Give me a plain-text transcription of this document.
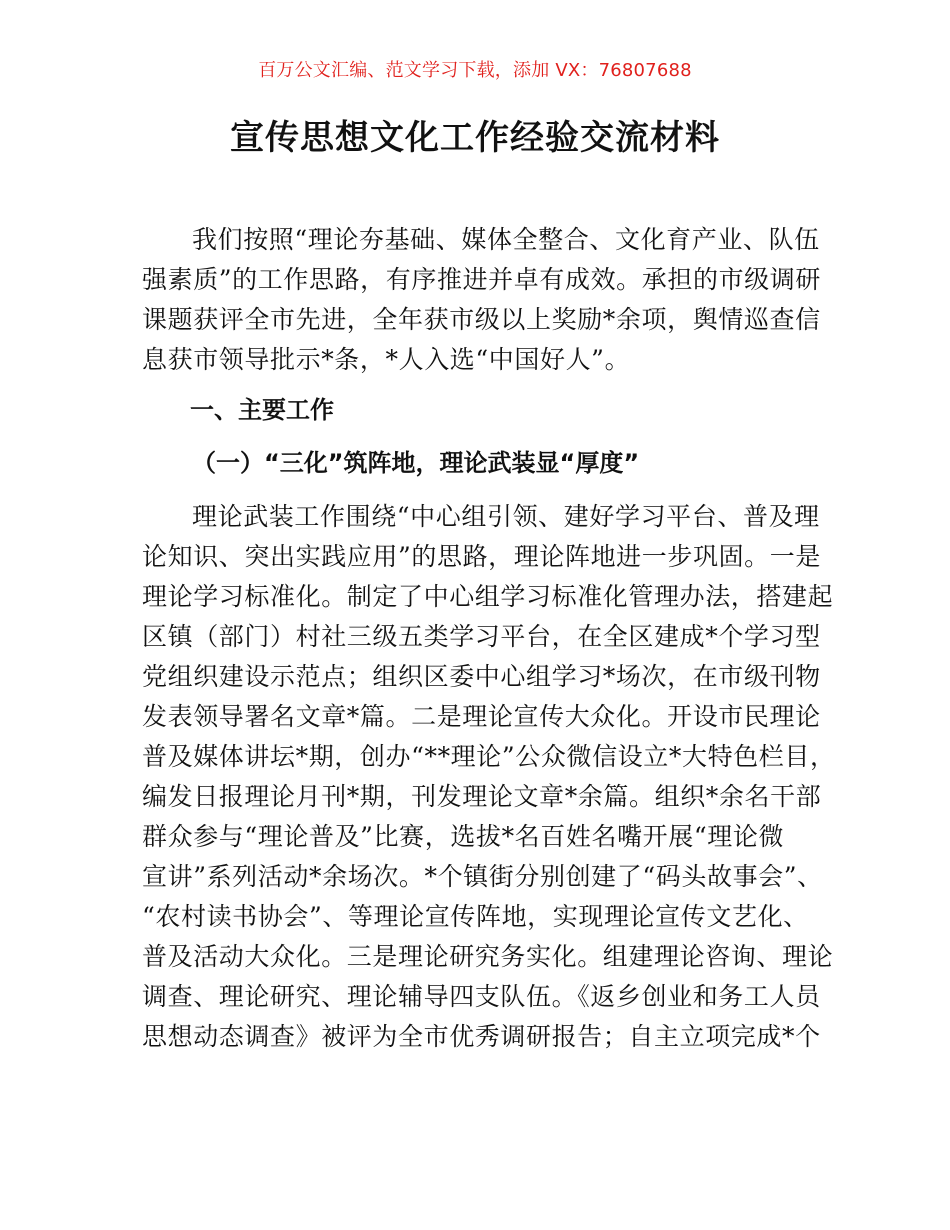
百万公文汇编、范文学习下载，添加 VX：76807688
宣传思想文化工作经验交流材料
我们按照“理论夯基础、媒体全整合、文化育产业、队伍
强素质”的工作思路，有序推进并卓有成效。承担的市级调研
课题获评全市先进，全年获市级以上奖励*余项，舆情巡查信
息获市领导批示*条，*人入选“中国好人”。
一、主要工作
（一）“三化”筑阵地，理论武装显“厚度”
理论武装工作围绕“中心组引领、建好学习平台、普及理
论知识、突出实践应用”的思路，理论阵地进一步巩固。一是
理论学习标准化。制定了中心组学习标准化管理办法，搭建起
区镇（部门）村社三级五类学习平台，在全区建成*个学习型
党组织建设示范点；组织区委中心组学习*场次，在市级刊物
发表领导署名文章*篇。二是理论宣传大众化。开设市民理论
普及媒体讲坛*期，创办“**理论”公众微信设立*大特色栏目，
编发日报理论月刊*期，刊发理论文章*余篇。组织*余名干部
群众参与“理论普及”比赛，选拔*名百姓名嘴开展“理论微
宣讲”系列活动*余场次。*个镇街分别创建了“码头故事会”、
“农村读书协会”、等理论宣传阵地，实现理论宣传文艺化、
普及活动大众化。三是理论研究务实化。组建理论咨询、理论
调查、理论研究、理论辅导四支队伍。《返乡创业和务工人员
思想动态调查》被评为全市优秀调研报告；自主立项完成*个
